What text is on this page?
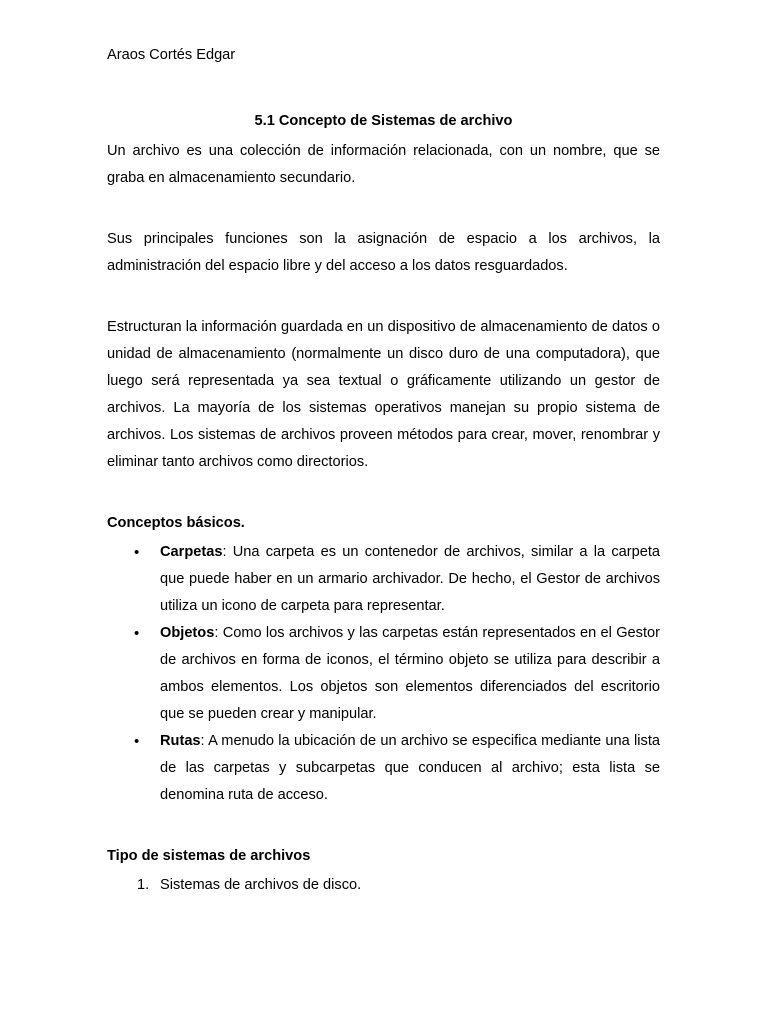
Araos Cortés Edgar
5.1 Concepto de Sistemas de archivo

Un archivo es una colección de información relacionada, con un nombre, que se graba en almacenamiento secundario.

Sus principales funciones son la asignación de espacio a los archivos, la administración del espacio libre y del acceso a los datos resguardados.

Estructuran la información guardada en un dispositivo de almacenamiento de datos o unidad de almacenamiento (normalmente un disco duro de una computadora), que luego será representada ya sea textual o gráficamente utilizando un gestor de archivos. La mayoría de los sistemas operativos manejan su propio sistema de archivos. Los sistemas de archivos proveen métodos para crear, mover, renombrar y eliminar tanto archivos como directorios.

Conceptos básicos.
• Carpetas: Una carpeta es un contenedor de archivos, similar a la carpeta que puede haber en un armario archivador. De hecho, el Gestor de archivos utiliza un icono de carpeta para representar.
• Objetos: Como los archivos y las carpetas están representados en el Gestor de archivos en forma de iconos, el término objeto se utiliza para describir a ambos elementos. Los objetos son elementos diferenciados del escritorio que se pueden crear y manipular.
• Rutas: A menudo la ubicación de un archivo se especifica mediante una lista de las carpetas y subcarpetas que conducen al archivo; esta lista se denomina ruta de acceso.
Tipo de sistemas de archivos
1. Sistemas de archivos de disco.
